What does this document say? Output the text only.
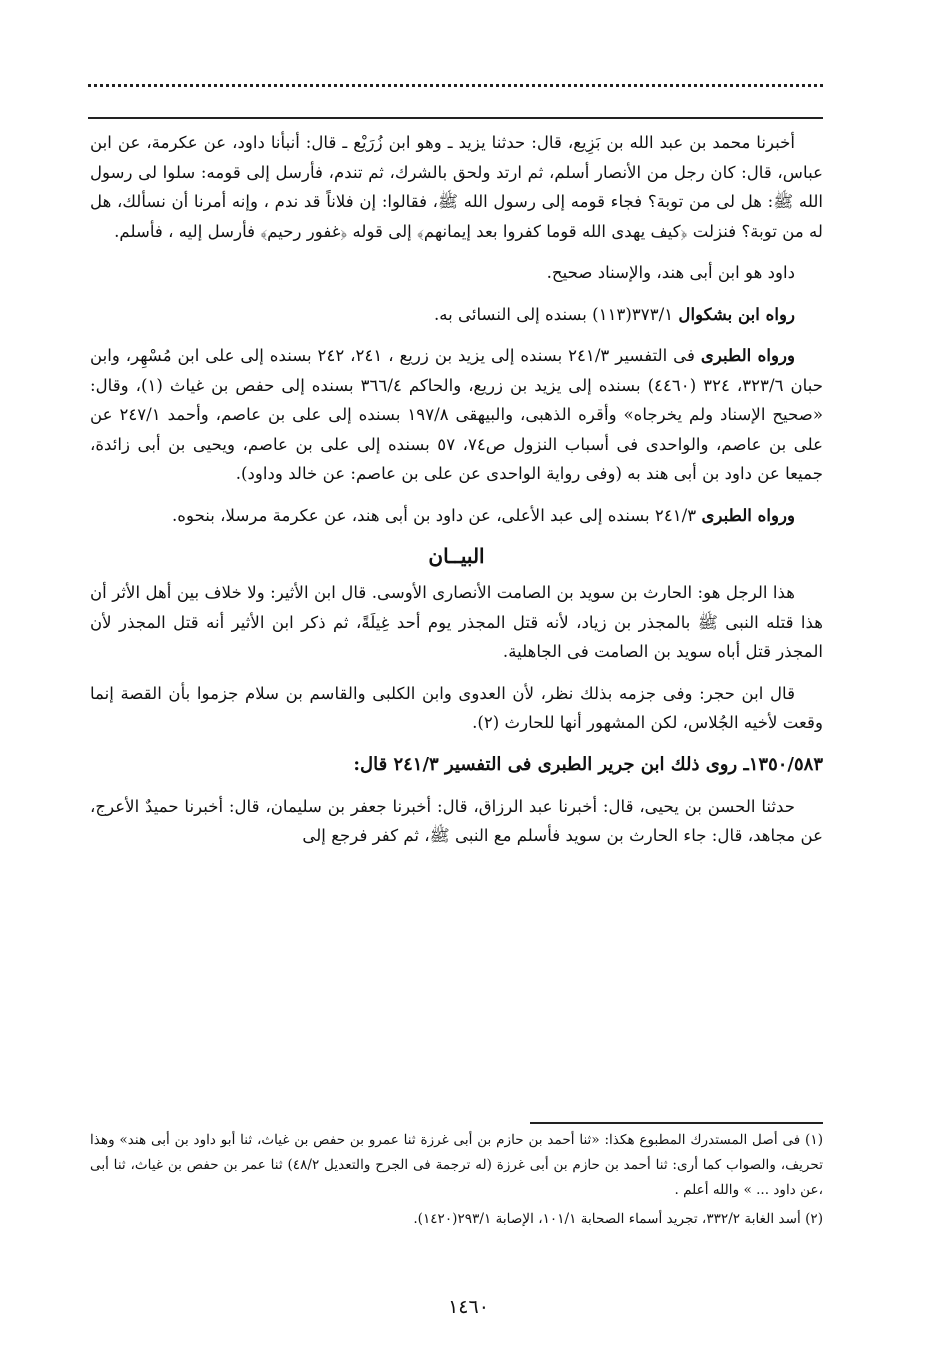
أخبرنا محمد بن عبد الله بن بَزِيع، قال: حدثنا يزيد ـ وهو ابن زُرَيْع ـ قال: أنبأنا داود، عن عكرمة، عن ابن عباس، قال: كان رجل من الأنصار أسلم، ثم ارتد ولحق بالشرك، ثم تندم، فأرسل إلى قومه: سلوا لى رسول الله ﷺ: هل لى من توبة؟ فجاء قومه إلى رسول الله ﷺ، فقالوا: إن فلاناً قد ندم ، وإنه أمرنا أن نسألك، هل له من توبة؟ فنزلت ﴿كيف يهدى الله قوما كفروا بعد إيمانهم﴾ إلى قوله ﴿غفور رحيم﴾ فأرسل إليه ، فأسلم.

داود هو ابن أبى هند، والإسناد صحيح.

رواه ابن بشكوال ٣٧٣/١(١١٣) بسنده إلى النسائى به.

ورواه الطبرى فى التفسير ٢٤١/٣ بسنده إلى يزيد بن زريع ، ٢٤١، ٢٤٢ بسنده إلى على ابن مُسْهِر، وابن حبان ٣٢٣/٦، ٣٢٤ (٤٤٦٠) بسنده إلى يزيد بن زريع، والحاكم ٣٦٦/٤ بسنده إلى حفص بن غياث (١)، وقال: «صحيح الإسناد ولم يخرجاه» وأقره الذهبى، والبيهقى ١٩٧/٨ بسنده إلى على بن عاصم، وأحمد ٢٤٧/١ عن على بن عاصم، والواحدى فى أسباب النزول ص٧٤، ٥٧ بسنده إلى على بن عاصم، ويحيى بن أبى زائدة، جميعا عن داود بن أبى هند به (وفى رواية الواحدى عن على بن عاصم: عن خالد وداود).

ورواه الطبرى ٢٤١/٣ بسنده إلى عبد الأعلى، عن داود بن أبى هند، عن عكرمة مرسلا، بنحوه.

البيــان

هذا الرجل هو: الحارث بن سويد بن الصامت الأنصارى الأوسى. قال ابن الأثير: ولا خلاف بين أهل الأثر أن هذا قتله النبى ﷺ بالمجذر بن زياد، لأنه قتل المجذر يوم أحد غِيلَةً، ثم ذكر ابن الأثير أنه قتل المجذر لأن المجذر قتل أباه سويد بن الصامت فى الجاهلية.

قال ابن حجر: وفى جزمه بذلك نظر، لأن العدوى وابن الكلبى والقاسم بن سلام جزموا بأن القصة إنما وقعت لأخيه الجُلاس، لكن المشهور أنها للحارث (٢).

١٣٥٠/٥٨٣ـ روى ذلك ابن جرير الطبرى فى التفسير ٢٤١/٣ قال:

حدثنا الحسن بن يحيى، قال: أخبرنا عبد الرزاق، قال: أخبرنا جعفر بن سليمان، قال: أخبرنا حميدٌ الأعرج، عن مجاهد، قال: جاء الحارث بن سويد فأسلم مع النبى ﷺ، ثم كفر فرجع إلى

(١) فى أصل المستدرك المطبوع هكذا: «ثنا أحمد بن حازم بن أبى غرزة ثنا عمرو بن حفص بن غياث، ثنا أبو داود بن أبى هند» وهذا تحريف، والصواب كما أرى: ثنا أحمد بن حازم بن أبى غرزة (له ترجمة فى الجرح والتعديل ٤٨/٢) ثنا عمر بن حفص بن غياث، ثنا أبى ،عن داود ... » والله أعلم .

(٢) أسد الغابة ٣٣٢/٢، تجريد أسماء الصحابة ١٠١/١، الإصابة ٢٩٣/١(١٤٢٠).

١٤٦٠
